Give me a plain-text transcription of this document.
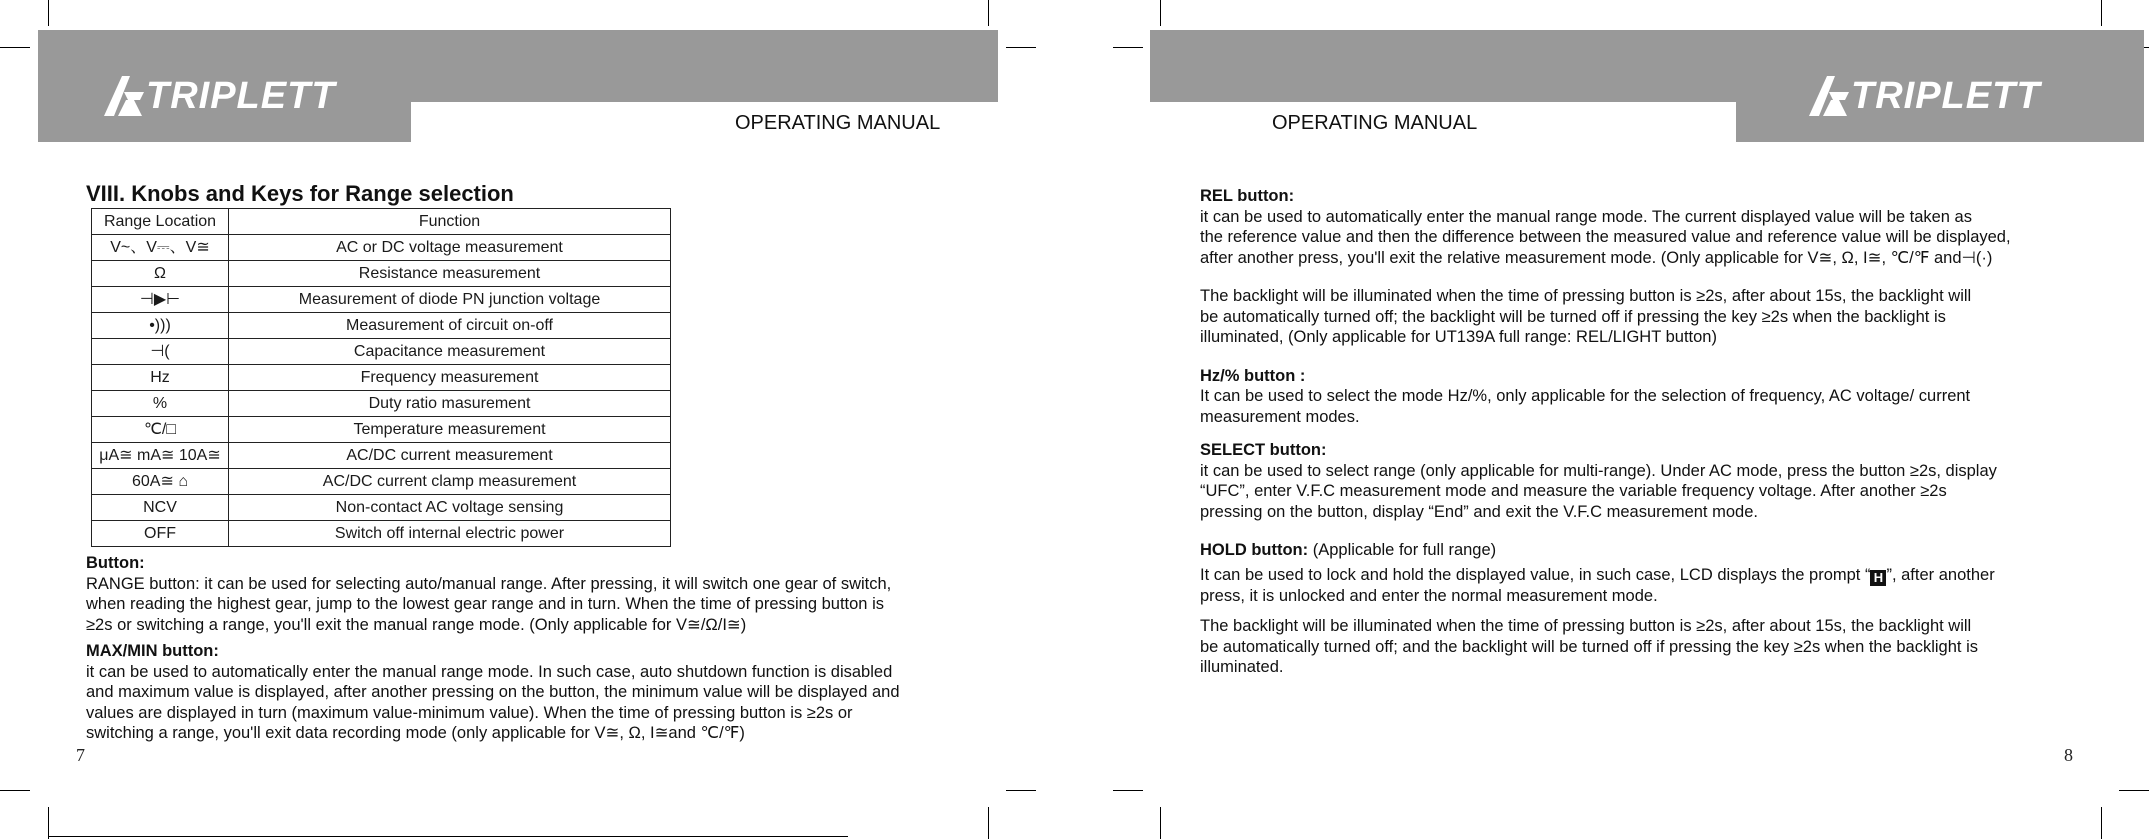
TRIPLETT
OPERATING MANUAL
VIII. Knobs and Keys for Range selection
Range Location	Function
V~、V⎓、V≅	AC or DC voltage measurement
Ω	Resistance measurement
⊣▶⊢	Measurement of diode PN junction voltage
•)))	Measurement of circuit on-off
⊣(	Capacitance measurement
Hz	Frequency measurement
%	Duty ratio masurement
℃/□	Temperature measurement
μA≅ mA≅ 10A≅	AC/DC current measurement
60A≅ ⌂	AC/DC current clamp measurement
NCV	Non-contact AC voltage sensing
OFF	Switch off internal electric power
Button:
RANGE button: it can be used for selecting auto/manual range. After pressing, it will switch one gear of switch,
when reading the highest gear, jump to the lowest gear range and in turn. When the time of pressing button is
≥2s or switching a range, you'll exit the manual range mode. (Only applicable for V≅/Ω/I≅)
MAX/MIN button:
it can be used to automatically enter the manual range mode. In such case, auto shutdown function is disabled
and maximum value is displayed, after another pressing on the button, the minimum value will be displayed and
values are displayed in turn (maximum value-minimum value). When the time of pressing button is ≥2s or
switching a range, you'll exit data recording mode (only applicable for V≅, Ω, I≅and ℃/℉)
7
TRIPLETT
OPERATING MANUAL
REL button:
it can be used to automatically enter the manual range mode. The current displayed value will be taken as
the reference value and then the difference between the measured value and reference value will be displayed,
after another press, you'll exit the relative measurement mode. (Only applicable for V≅, Ω, I≅, ℃/℉ and⊣(·)
The backlight will be illuminated when the time of pressing button is ≥2s, after about 15s, the backlight will
be automatically turned off; the backlight will be turned off if pressing the key ≥2s when the backlight is
illuminated, (Only applicable for UT139A full range: REL/LIGHT button)
Hz/% button :
It can be used to select the mode Hz/%, only applicable for the selection of frequency, AC voltage/ current
measurement modes.
SELECT button:
it can be used to select range (only applicable for multi-range). Under AC mode, press the button ≥2s, display
“UFC”, enter V.F.C measurement mode and measure the variable frequency voltage. After another ≥2s
pressing on the button, display “End” and exit the V.F.C measurement mode.
HOLD button: (Applicable for full range)
It can be used to lock and hold the displayed value, in such case, LCD displays the prompt “ H ”, after another
press, it is unlocked and enter the normal measurement mode.
The backlight will be illuminated when the time of pressing button is ≥2s, after about 15s, the backlight will
be automatically turned off; and the backlight will be turned off if pressing the key ≥2s when the backlight is
illuminated.
8
